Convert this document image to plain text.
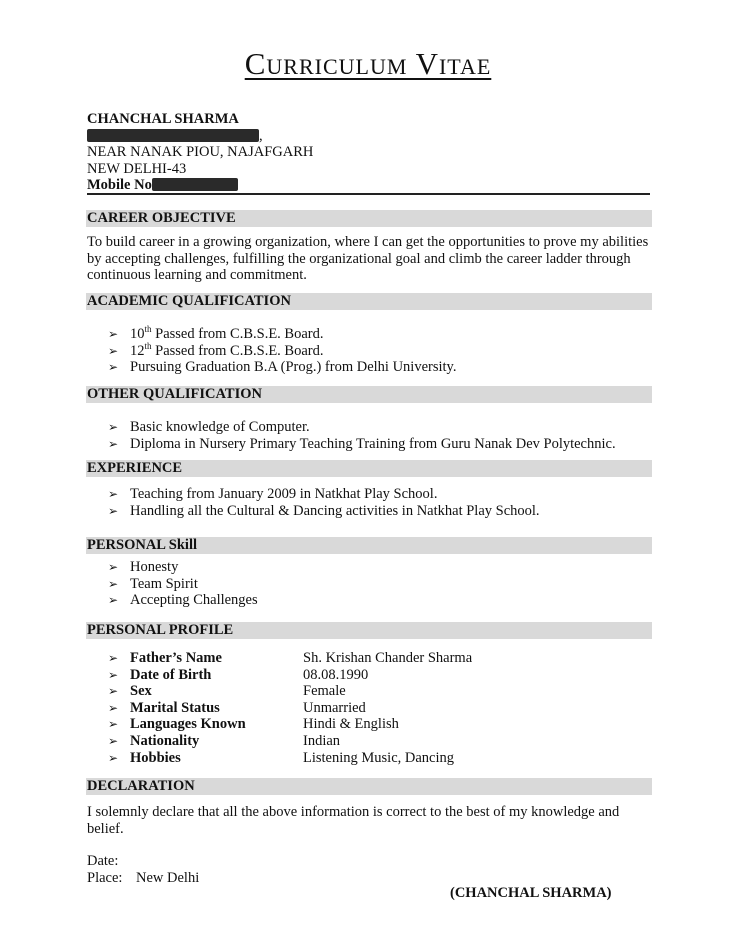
Curriculum Vitae
CHANCHAL SHARMA
,
NEAR NANAK PIOU, NAJAFGARH
NEW DELHI-43
Mobile No
CAREER OBJECTIVE
To build career in a growing organization, where I can get the opportunities to prove my abilities
by accepting challenges, fulfilling the organizational goal and climb the career ladder through
continuous learning and commitment.
ACADEMIC QUALIFICATION
➢ 10th Passed from C.B.S.E. Board.
➢ 12th Passed from C.B.S.E. Board.
➢ Pursuing Graduation B.A (Prog.) from Delhi University.
OTHER QUALIFICATION
➢ Basic knowledge of Computer.
➢ Diploma in Nursery Primary Teaching Training from Guru Nanak Dev Polytechnic.
EXPERIENCE
➢ Teaching from January 2009 in Natkhat Play School.
➢ Handling all the Cultural & Dancing activities in Natkhat Play School.
PERSONAL Skill
➢ Honesty
➢ Team Spirit
➢ Accepting Challenges
PERSONAL PROFILE
➢ Father’s Name	Sh. Krishan Chander Sharma
➢ Date of Birth	08.08.1990
➢ Sex	Female
➢ Marital Status	Unmarried
➢ Languages Known	Hindi & English
➢ Nationality	Indian
➢ Hobbies	Listening Music, Dancing
DECLARATION
I solemnly declare that all the above information is correct to the best of my knowledge and
belief.
Date:
Place: New Delhi
(CHANCHAL SHARMA)
